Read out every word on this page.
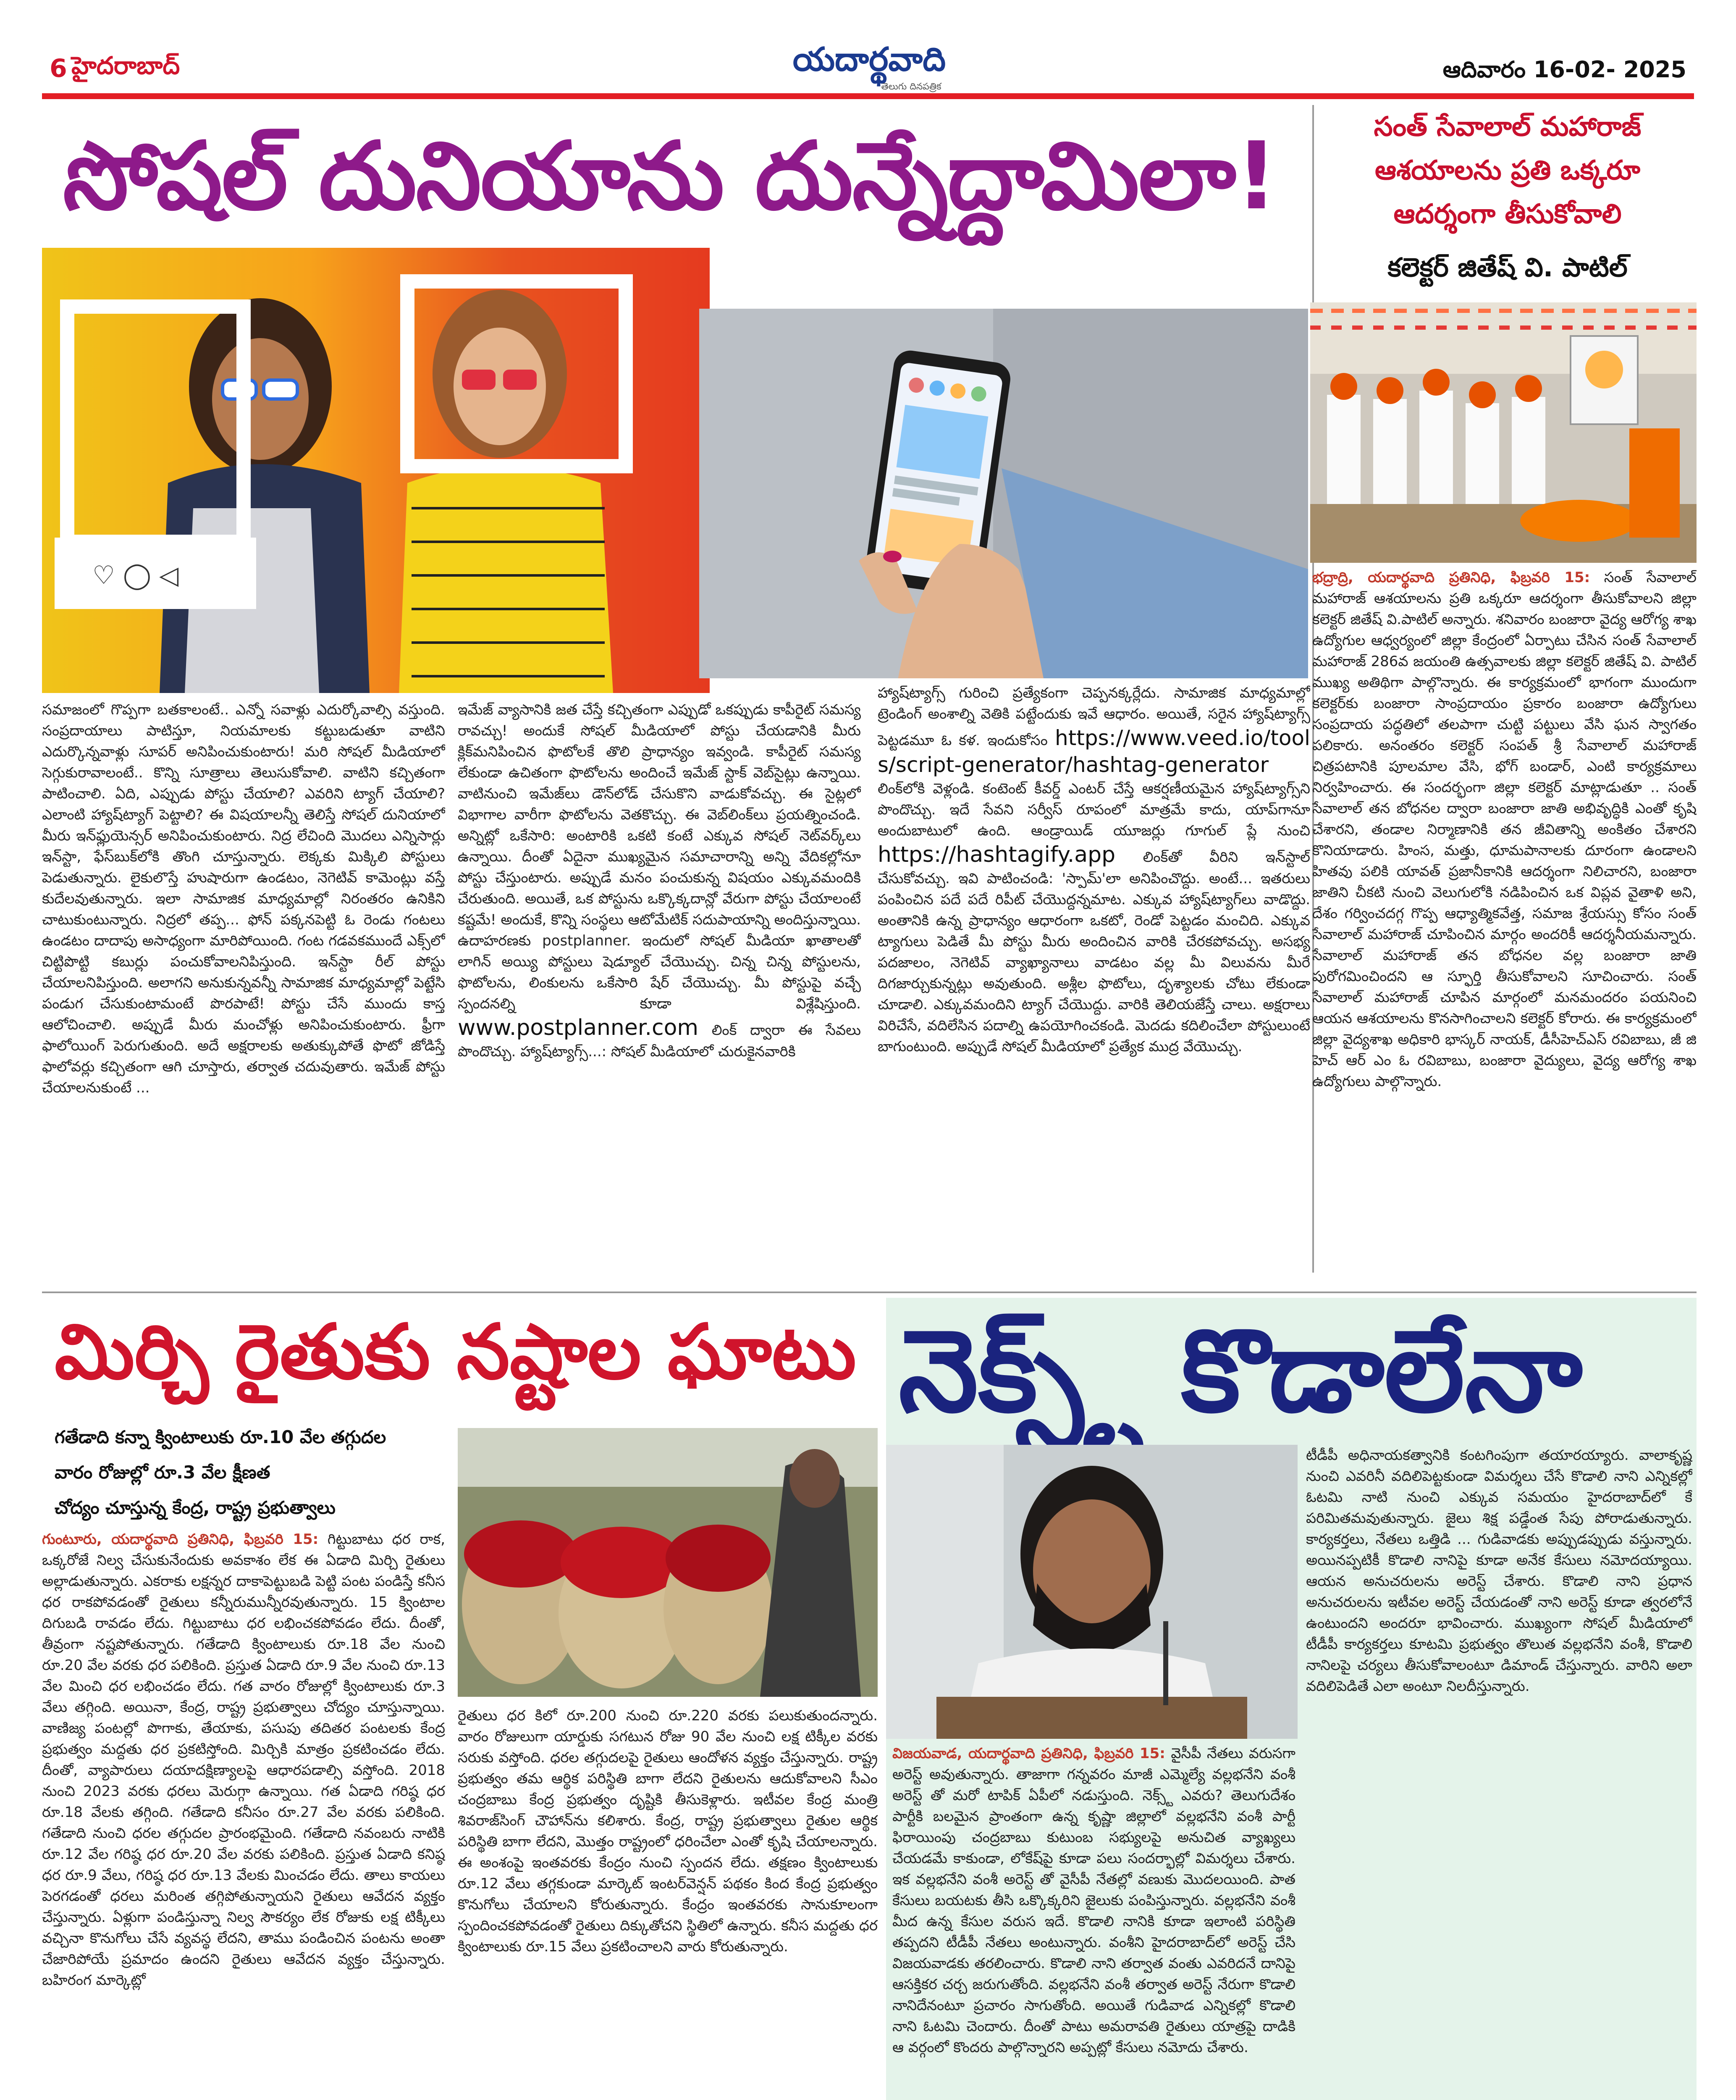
6 హైదరాబాద్	యదార్థవాది
తెలుగు దినపత్రిక
ఆదివారం 16-02- 2025
సోషల్ దునియాను దున్నేద్దామిలా!
♡ ◯ ◁

సమాజంలో గొప్పగా బతకాలంటే.. ఎన్నో సవాళ్లు ఎదుర్కోవాల్సి వస్తుంది. సంప్రదాయాలు పాటిస్తూ, నియమాలకు కట్టుబడుతూ వాటిని ఎదుర్కొన్నవాళ్లు సూపర్ అనిపించుకుంటారు! మరి సోషల్ మీడియాలో సెగ్గుకురావాలంటే.. కొన్ని సూత్రాలు తెలుసుకోవాలి. వాటిని కచ్చితంగా పాటించాలి. ఏది, ఎప్పుడు పోస్టు చేయాలి? ఎవరిని ట్యాగ్ చేయాలి? ఎలాంటి హ్యాష్‌ట్యాగ్ పెట్టాలి? ఈ విషయాలన్నీ తెలిస్తే సోషల్ దునియాలో మీరు ఇన్‌ఫ్లుయెన్సర్ అనిపించుకుంటారు. నిద్ర లేచింది మొదలు ఎన్నిసార్లు ఇన్‌స్టా, ఫేస్‌బుక్‌లోకి తొంగి చూస్తున్నారు. లెక్కకు మిక్కిలి పోస్టులు పెడుతున్నారు. లైకులొస్తే హుషారుగా ఉండటం, నెగెటివ్ కామెంట్లు వస్తే కుదేలవుతున్నారు. ఇలా సామాజిక మాధ్యమాల్లో నిరంతరం ఉనికిని చాటుకుంటున్నారు. నిద్రలో తప్ప... ఫోన్ పక్కనపెట్టి ఓ రెండు గంటలు ఉండటం దాదాపు అసాధ్యంగా మారిపోయింది. గంట గడవకముందే ఎక్స్‌లో చిట్టిపొట్టి కబుర్లు పంచుకోవాలనిపిస్తుంది. ఇన్‌స్టా రీల్ పోస్టు చేయాలనిపిస్తుంది. అలాగని అనుకున్నవన్నీ సామాజిక మాధ్యమాల్లో పెట్టేసి పండుగ చేసుకుంటామంటే పొరపాటే! పోస్టు చేసే ముందు కాస్త ఆలోచించాలి. అప్పుడే మీరు మంచోళ్లు అనిపించుకుంటారు. ఫ్రీగా ఫాలోయింగ్ పెరుగుతుంది. అదే అక్షరాలకు అతుక్కుపోతే ఫొటో జోడిస్తే ఫాలోవర్లు కచ్చితంగా ఆగి చూస్తారు, తర్వాత చదువుతారు. ఇమేజ్ పోస్టు చేయాలనుకుంటే ...

ఇమేజ్ వ్యాసానికి జత చేస్తే కచ్చితంగా ఎప్పుడో ఒకప్పుడు కాపీరైట్ సమస్య రావచ్చు! అందుకే సోషల్ మీడియాలో పోస్టు చేయడానికి మీరు క్లిక్‌మనిపించిన ఫొటోలకే తొలి ప్రాధాన్యం ఇవ్వండి. కాపీరైట్ సమస్య లేకుండా ఉచితంగా ఫొటోలను అందించే ఇమేజ్ స్టాక్ వెబ్‌సైట్లు ఉన్నాయి. వాటినుంచి ఇమేజ్‌లు డౌన్‌లోడ్ చేసుకొని వాడుకోవచ్చు. ఈ సైట్లలో విభాగాల వారీగా ఫొటోలను వెతకొచ్చు. ఈ వెబ్‌లింక్‌లు ప్రయత్నించండి. అన్నిట్లో ఒకేసారి: అంటారికి ఒకటి కంటే ఎక్కువ సోషల్ నెట్‌వర్క్‌లు ఉన్నాయి. దీంతో ఏదైనా ముఖ్యమైన సమాచారాన్ని అన్ని వేదికల్లోనూ పోస్టు చేస్తుంటారు. అప్పుడే మనం పంచుకున్న విషయం ఎక్కువమందికి చేరుతుంది. అయితే, ఒక పోస్టును ఒక్కొక్కదాన్లో వేరుగా పోస్టు చేయాలంటే కష్టమే! అందుకే, కొన్ని సంస్థలు ఆటోమేటిక్ సదుపాయాన్ని అందిస్తున్నాయి. ఉదాహరణకు postplanner. ఇందులో సోషల్ మీడియా ఖాతాలతో లాగిన్ అయ్యి పోస్టులు షెడ్యూల్ చేయొచ్చు. చిన్న చిన్న పోస్టులను, ఫొటోలను, లింకులను ఒకేసారి షేర్ చేయొచ్చు. మీ పోస్టుపై వచ్చే స్పందనల్ని కూడా విశ్లేషిస్తుంది. www.postplanner.com లింక్ ద్వారా ఈ సేవలు పొందొచ్చు. హ్యాష్‌ట్యాగ్స్...: సోషల్ మీడియాలో చురుకైనవారికి

హ్యాష్‌ట్యాగ్స్ గురించి ప్రత్యేకంగా చెప్పనక్కర్లేదు. సామాజిక మాధ్యమాల్లో ట్రెండింగ్ అంశాల్ని వెతికి పట్టేందుకు ఇవే ఆధారం. అయితే, సరైన హ్యాష్‌ట్యాగ్స్ పెట్టడమూ ఓ కళ. ఇందుకోసం https://www.veed.io/tools/script-generator/hashtag-generator లింక్‌లోకి వెళ్లండి. కంటెంట్ కీవర్డ్ ఎంటర్ చేస్తే ఆకర్షణీయమైన హ్యాష్‌ట్యాగ్స్‌ని పొందొచ్చు. ఇదే సేవని సర్వీస్ రూపంలో మాత్రమే కాదు, యాప్‌గానూ అందుబాటులో ఉంది. ఆండ్రాయిడ్ యూజర్లు గూగుల్ ప్లే నుంచి https://hashtagify.app లింక్‌తో వీరిని ఇన్‌స్టాల్ చేసుకోవచ్చు. ఇవి పాటించండి: 'స్పామ్'లా అనిపించొద్దు. అంటే... ఇతరులు పంపించిన పదే పదే రిపీట్ చేయొద్దన్నమాట. ఎక్కువ హ్యాష్‌ట్యాగ్‌లు వాడొద్దు. అంతానికి ఉన్న ప్రాధాన్యం ఆధారంగా ఒకటో, రెండో పెట్టడం మంచిది. ఎక్కువ ట్యాగులు పెడితే మీ పోస్టు మీరు అందించిన వారికి చేరకపోవచ్చు. అసభ్య పదజాలం, నెగెటివ్ వ్యాఖ్యానాలు వాడటం వల్ల మీ విలువను మీరే దిగజార్చుకున్నట్లు అవుతుంది. అశ్లీల ఫొటోలు, దృశ్యాలకు చోటు లేకుండా చూడాలి. ఎక్కువమందిని ట్యాగ్ చేయొద్దు. వారికి తెలియజేస్తే చాలు. అక్షరాలు విరిచేసే, వదిలేసిన పదాల్ని ఉపయోగించకండి. మెదడు కదిలించేలా పోస్టులుంటే బాగుంటుంది. అప్పుడే సోషల్ మీడియాలో ప్రత్యేక ముద్ర వేయొచ్చు.

సంత్ సేవాలాల్ మహారాజ్
ఆశయాలను ప్రతి ఒక్కరూ
ఆదర్శంగా తీసుకోవాలి
కలెక్టర్ జితేష్ వి. పాటిల్

భద్రాద్రి, యదార్థవాది ప్రతినిధి, ఫిబ్రవరి 15: సంత్ సేవాలాల్ మహారాజ్ ఆశయాలను ప్రతి ఒక్కరూ ఆదర్శంగా తీసుకోవాలని జిల్లా కలెక్టర్ జితేష్ వి.పాటిల్ అన్నారు. శనివారం బంజారా వైద్య ఆరోగ్య శాఖ ఉద్యోగుల ఆధ్వర్యంలో జిల్లా కేంద్రంలో ఏర్పాటు చేసిన సంత్ సేవాలాల్ మహారాజ్ 286వ జయంతి ఉత్సవాలకు జిల్లా కలెక్టర్ జితేష్ వి. పాటిల్ ముఖ్య అతిథిగా పాల్గొన్నారు. ఈ కార్యక్రమంలో భాగంగా ముందుగా కలెక్టర్‌కు బంజారా సాంప్రదాయం ప్రకారం బంజారా ఉద్యోగులు సంప్రదాయ పద్ధతిలో తలపాగా చుట్టి పట్టులు వేసి ఘన స్వాగతం పలికారు. అనంతరం కలెక్టర్ సంపత్ శ్రీ సేవాలాల్ మహారాజ్ చిత్రపటానికి పూలమాల వేసి, భోగ్ బండార్, ఎంటి కార్యక్రమాలు నిర్వహించారు. ఈ సందర్భంగా జిల్లా కలెక్టర్ మాట్లాడుతూ .. సంత్ సేవాలాల్ తన బోధనల ద్వారా బంజారా జాతి అభివృద్ధికి ఎంతో కృషి చేశారని, తండాల నిర్మాణానికి తన జీవితాన్ని అంకితం చేశారని కొనియాడారు. హింస, మత్తు, ధూమపానాలకు దూరంగా ఉండాలని హితవు పలికి యావత్ ప్రజానీకానికి ఆదర్శంగా నిలిచారని, బంజారా జాతిని చీకటి నుంచి వెలుగులోకి నడిపించిన ఒక విప్లవ వైతాళి అని, దేశం గర్వించదగ్గ గొప్ప ఆధ్యాత్మికవేత్త, సమాజ శ్రేయస్సు కోసం సంత్ సేవాలాల్ మహారాజ్ చూపించిన మార్గం అందరికీ ఆదర్శనీయమన్నారు. సేవాలాల్ మహారాజ్ తన బోధనల వల్ల బంజారా జాతి పురోగమించిందని ఆ స్ఫూర్తి తీసుకోవాలని సూచించారు. సంత్ సేవాలాల్ మహారాజ్ చూపిన మార్గంలో మనమందరం పయనించి ఆయన ఆశయాలను కొనసాగించాలని కలెక్టర్ కోరారు. ఈ కార్యక్రమంలో జిల్లా వైద్యశాఖ అధికారి భాస్కర్ నాయక్, డీసీహెచ్ఎస్ రవిబాబు, జీ జి హెచ్ ఆర్ ఎం ఓ రవిబాబు, బంజారా వైద్యులు, వైద్య ఆరోగ్య శాఖ ఉద్యోగులు పాల్గొన్నారు.

మిర్చి రైతుకు నష్టాల ఘాటు
గతేడాది కన్నా క్వింటాలుకు రూ.10 వేల తగ్గుదల
వారం రోజుల్లో రూ.3 వేల క్షీణత
చోద్యం చూస్తున్న కేంద్ర, రాష్ట్ర ప్రభుత్వాలు

గుంటూరు, యదార్థవాది ప్రతినిధి, ఫిబ్రవరి 15: గిట్టుబాటు ధర రాక, ఒక్కరోజే నిల్వ చేసుకునేందుకు అవకాశం లేక ఈ ఏడాది మిర్చి రైతులు అల్లాడుతున్నారు. ఎకరాకు లక్షన్నర దాకాపెట్టుబడి పెట్టి పంట పండిస్తే కనీస ధర రాకపోవడంతో రైతులు కన్నీరుమున్నీరవుతున్నారు. 15 క్వింటాల దిగుబడి రావడం లేదు. గిట్టుబాటు ధర లభించకపోవడం లేదు. దీంతో, తీవ్రంగా నష్టపోతున్నారు. గతేడాది క్వింటాలుకు రూ.18 వేల నుంచి రూ.20 వేల వరకు ధర పలికింది. ప్రస్తుత ఏడాది రూ.9 వేల నుంచి రూ.13 వేల మించి ధర లభించడం లేదు. గత వారం రోజుల్లో క్వింటాలుకు రూ.3 వేలు తగ్గింది. అయినా, కేంద్ర, రాష్ట్ర ప్రభుత్వాలు చోద్యం చూస్తున్నాయి. వాణిజ్య పంటల్లో పొగాకు, తేయాకు, పసుపు తదితర పంటలకు కేంద్ర ప్రభుత్వం మద్దతు ధర ప్రకటిస్తోంది. మిర్చికి మాత్రం ప్రకటించడం లేదు. దీంతో, వ్యాపారులు దయాదక్షిణ్యాలపై ఆధారపడాల్సి వస్తోంది. 2018 నుంచి 2023 వరకు ధరలు మెరుగ్గా ఉన్నాయి. గత ఏడాది గరిష్ఠ ధర రూ.18 వేలకు తగ్గింది. గతేడాది కనీసం రూ.27 వేల వరకు పలికింది. గతేడాది నుంచి ధరల తగ్గుదల ప్రారంభమైంది. గతేడాది నవంబరు నాటికి రూ.12 వేల గరిష్ఠ ధర రూ.20 వేల వరకు పలికింది. ప్రస్తుత ఏడాది కనిష్ఠ ధర రూ.9 వేలు, గరిష్ఠ ధర రూ.13 వేలకు మించడం లేదు. తాలు కాయలు పెరగడంతో ధరలు మరింత తగ్గిపోతున్నాయని రైతులు ఆవేదన వ్యక్తం చేస్తున్నారు. ఏళ్లుగా పండిస్తున్నా నిల్వ సౌకర్యం లేక రోజుకు లక్ష టిక్కీలు వచ్చినా కొనుగోలు చేసే వ్యవస్థ లేదని, తాము పండించిన పంటను అంతా చేజారిపోయే ప్రమాదం ఉందని రైతులు ఆవేదన వ్యక్తం చేస్తున్నారు. బహిరంగ మార్కెట్లో

రైతులు ధర కిలో రూ.200 నుంచి రూ.220 వరకు పలుకుతుందన్నారు. వారం రోజులుగా యార్డుకు సగటున రోజు 90 వేల నుంచి లక్ష టిక్కీల వరకు సరుకు వస్తోంది. ధరల తగ్గుదలపై రైతులు ఆందోళన వ్యక్తం చేస్తున్నారు. రాష్ట్ర ప్రభుత్వం తమ ఆర్థిక పరిస్థితి బాగా లేదని రైతులను ఆదుకోవాలని సీఎం చంద్రబాబు కేంద్ర ప్రభుత్వం దృష్టికి తీసుకెళ్లారు. ఇటీవల కేంద్ర మంత్రి శివరాజ్‌సింగ్ చౌహాన్‌ను కలిశారు. కేంద్ర, రాష్ట్ర ప్రభుత్వాలు రైతుల ఆర్థిక పరిస్థితి బాగా లేదని, మొత్తం రాష్ట్రంలో ధరించేలా ఎంతో కృషి చేయాలన్నారు. ఈ అంశంపై ఇంతవరకు కేంద్రం నుంచి స్పందన లేదు. తక్షణం క్వింటాలుకు రూ.12 వేలు తగ్గకుండా మార్కెట్ ఇంటర్‌వెన్షన్ పథకం కింద కేంద్ర ప్రభుత్వం కొనుగోలు చేయాలని కోరుతున్నారు. కేంద్రం ఇంతవరకు సానుకూలంగా స్పందించకపోవడంతో రైతులు దిక్కుతోచని స్థితిలో ఉన్నారు. కనీస మద్దతు ధర క్వింటాలుకు రూ.15 వేలు ప్రకటించాలని వారు కోరుతున్నారు.

నెక్స్ట్ కొడాలేనా

టీడీపీ అధినాయకత్వానికి కంటగింపుగా తయారయ్యారు. వాలాకృష్ణ నుంచి ఎవరినీ వదిలిపెట్టకుండా విమర్శలు చేసే కొడాలి నాని ఎన్నికల్లో ఓటమి నాటి నుంచి ఎక్కువ సమయం హైదరాబాద్‌లో కే పరిమితమవుతున్నారు. జైలు శిక్ష పడ్డేంత సేపు పోరాడుతున్నారు. కార్యకర్తలు, నేతలు ఒత్తిడి ... గుడివాడకు అప్పుడప్పుడు వస్తున్నారు. అయినప్పటికీ కొడాలి నానిపై కూడా అనేక కేసులు నమోదయ్యాయి. ఆయన అనుచరులను అరెస్ట్ చేశారు. కొడాలి నాని ప్రధాన అనుచరులను ఇటీవల అరెస్ట్ చేయడంతో నాని అరెస్ట్ కూడా త్వరలోనే ఉంటుందని అందరూ భావించారు. ముఖ్యంగా సోషల్ మీడియాలో టీడీపీ కార్యకర్తలు కూటమి ప్రభుత్వం తొలుత వల్లభనేని వంశీ, కొడాలి నానిలపై చర్యలు తీసుకోవాలంటూ డిమాండ్ చేస్తున్నారు. వారిని అలా వదిలిపెడితే ఎలా అంటూ నిలదీస్తున్నారు.

విజయవాడ, యదార్థవాది ప్రతినిధి, ఫిబ్రవరి 15: వైసీపీ నేతలు వరుసగా అరెస్ట్ అవుతున్నారు. తాజాగా గన్నవరం మాజీ ఎమ్మెల్యే వల్లభనేని వంశీ అరెస్ట్ తో మరో టాపిక్ ఏపీలో నడుస్తుంది. నెక్స్ట్ ఎవరు? తెలుగుదేశం పార్టీకి బలమైన ప్రాంతంగా ఉన్న కృష్ణా జిల్లాలో వల్లభనేని వంశీ పార్టీ ఫిరాయింపు చంద్రబాబు కుటుంబ సభ్యులపై అనుచిత వ్యాఖ్యలు చేయడమే కాకుండా, లోకేష్‌పై కూడా పలు సందర్భాల్లో విమర్శలు చేశారు. ఇక వల్లభనేని వంశీ అరెస్ట్ తో వైసీపీ నేతల్లో వణుకు మొదలయింది. పాత కేసులు బయటకు తీసి ఒక్కొక్కరిని జైలుకు పంపిస్తున్నారు. వల్లభనేని వంశీ మీద ఉన్న కేసుల వరుస ఇదే. కొడాలి నానికి కూడా ఇలాంటి పరిస్థితి తప్పదని టీడీపీ నేతలు అంటున్నారు. వంశీని హైదరాబాద్‌లో అరెస్ట్ చేసి విజయవాడకు తరలించారు. కొడాలి నాని తర్వాత వంతు ఎవరిదనే దానిపై ఆసక్తికర చర్చ జరుగుతోంది. వల్లభనేని వంశీ తర్వాత అరెస్ట్ నేరుగా కొడాలి నానిదేనంటూ ప్రచారం సాగుతోంది. అయితే గుడివాడ ఎన్నికల్లో కొడాలి నాని ఓటమి చెందారు. దీంతో పాటు అమరావతి రైతులు యాత్రపై దాడికి ఆ వర్గంలో కొందరు పాల్గొన్నారని అప్పట్లో కేసులు నమోదు చేశారు.
